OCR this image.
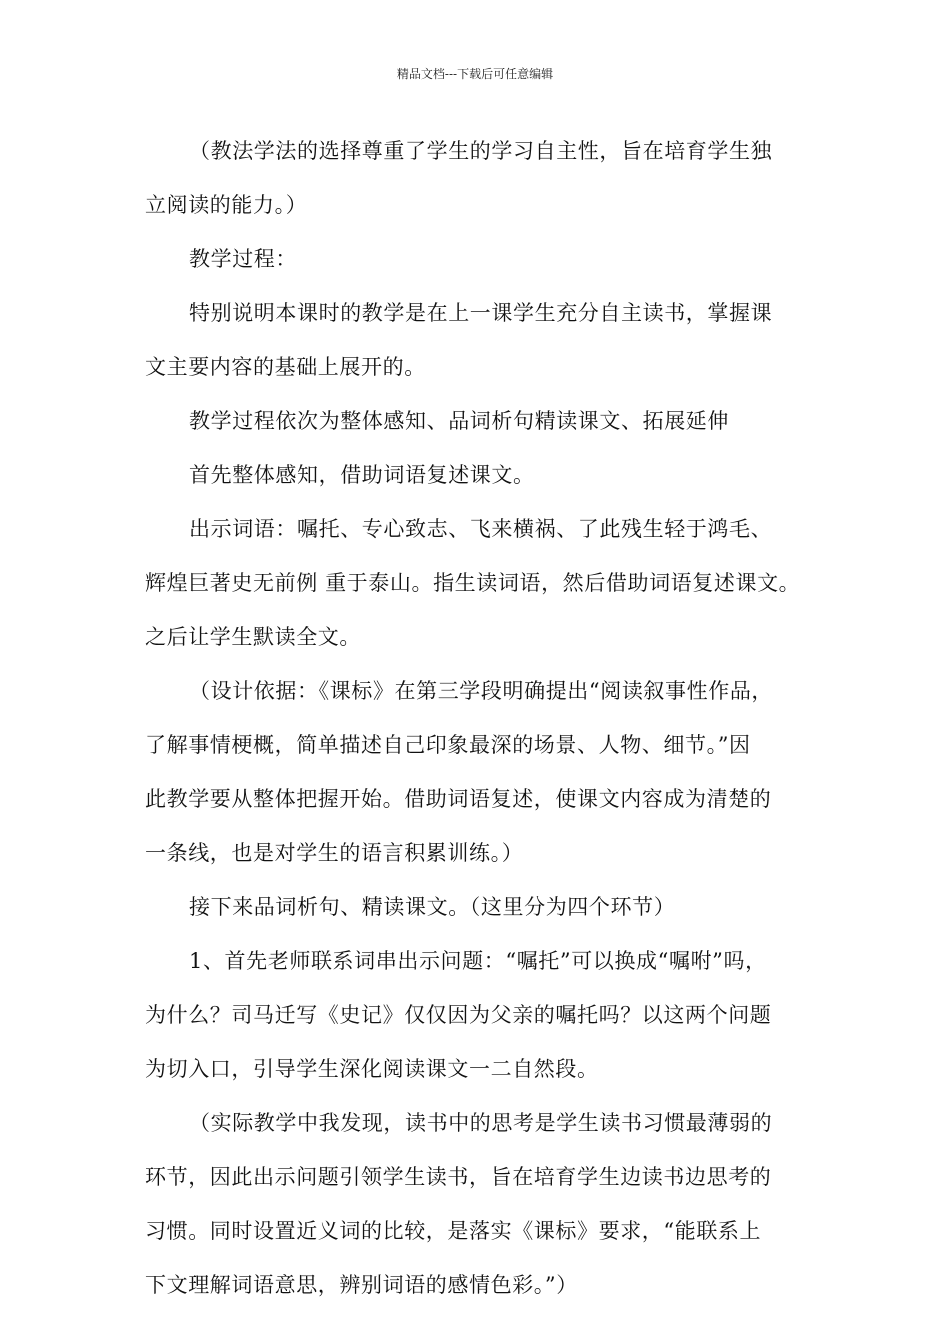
精品文档---下载后可任意编辑
（教法学法的选择尊重了学生的学习自主性，旨在培育学生独
立阅读的能力。）
教学过程：
特别说明本课时的教学是在上一课学生充分自主读书，掌握课
文主要内容的基础上展开的。
教学过程依次为整体感知、品词析句精读课文、拓展延伸
首先整体感知，借助词语复述课文。
出示词语：嘱托、专心致志、飞来横祸、了此残生轻于鸿毛、
辉煌巨著史无前例 重于泰山。指生读词语，然后借助词语复述课文。
之后让学生默读全文。
（设计依据：《课标》在第三学段明确提出“阅读叙事性作品，
了解事情梗概，简单描述自己印象最深的场景、人物、细节。”因
此教学要从整体把握开始。借助词语复述，使课文内容成为清楚的
一条线，也是对学生的语言积累训练。）
接下来品词析句、精读课文。（这里分为四个环节）
1、首先老师联系词串出示问题：“嘱托”可以换成“嘱咐”吗，
为什么？司马迁写《史记》仅仅因为父亲的嘱托吗？以这两个问题
为切入口，引导学生深化阅读课文一二自然段。
（实际教学中我发现，读书中的思考是学生读书习惯最薄弱的
环节，因此出示问题引领学生读书，旨在培育学生边读书边思考的
习惯。同时设置近义词的比较，是落实《课标》要求，“能联系上
下文理解词语意思，辨别词语的感情色彩。”）
